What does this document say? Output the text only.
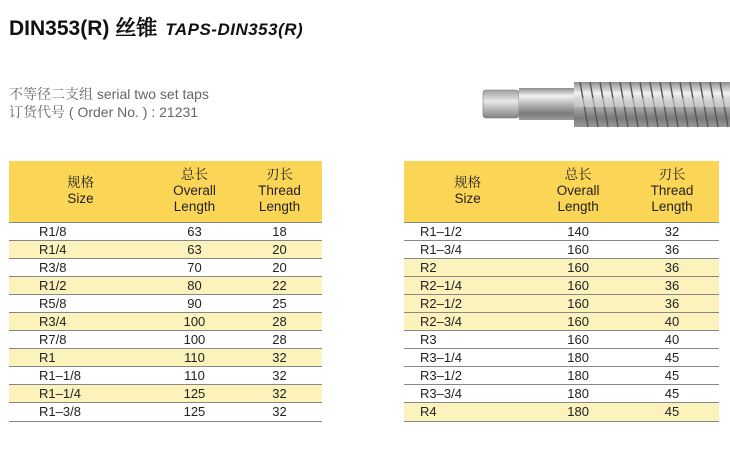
DIN353(R) 丝锥 TAPS-DIN353(R)
不等径二支组 serial two set taps
订货代号 ( Order No. ) : 21231
规格
Size	总长
Overall
Length	刃长
Thread
Length
R1/8	63	18
R1/4	63	20
R3/8	70	20
R1/2	80	22
R5/8	90	25
R3/4	100	28
R7/8	100	28
R1	110	32
R1–1/8	110	32
R1–1/4	125	32
R1–3/8	125	32
规格
Size	总长
Overall
Length	刃长
Thread
Length
R1–1/2	140	32
R1–3/4	160	36
R2	160	36
R2–1/4	160	36
R2–1/2	160	36
R2–3/4	160	40
R3	160	40
R3–1/4	180	45
R3–1/2	180	45
R3–3/4	180	45
R4	180	45
